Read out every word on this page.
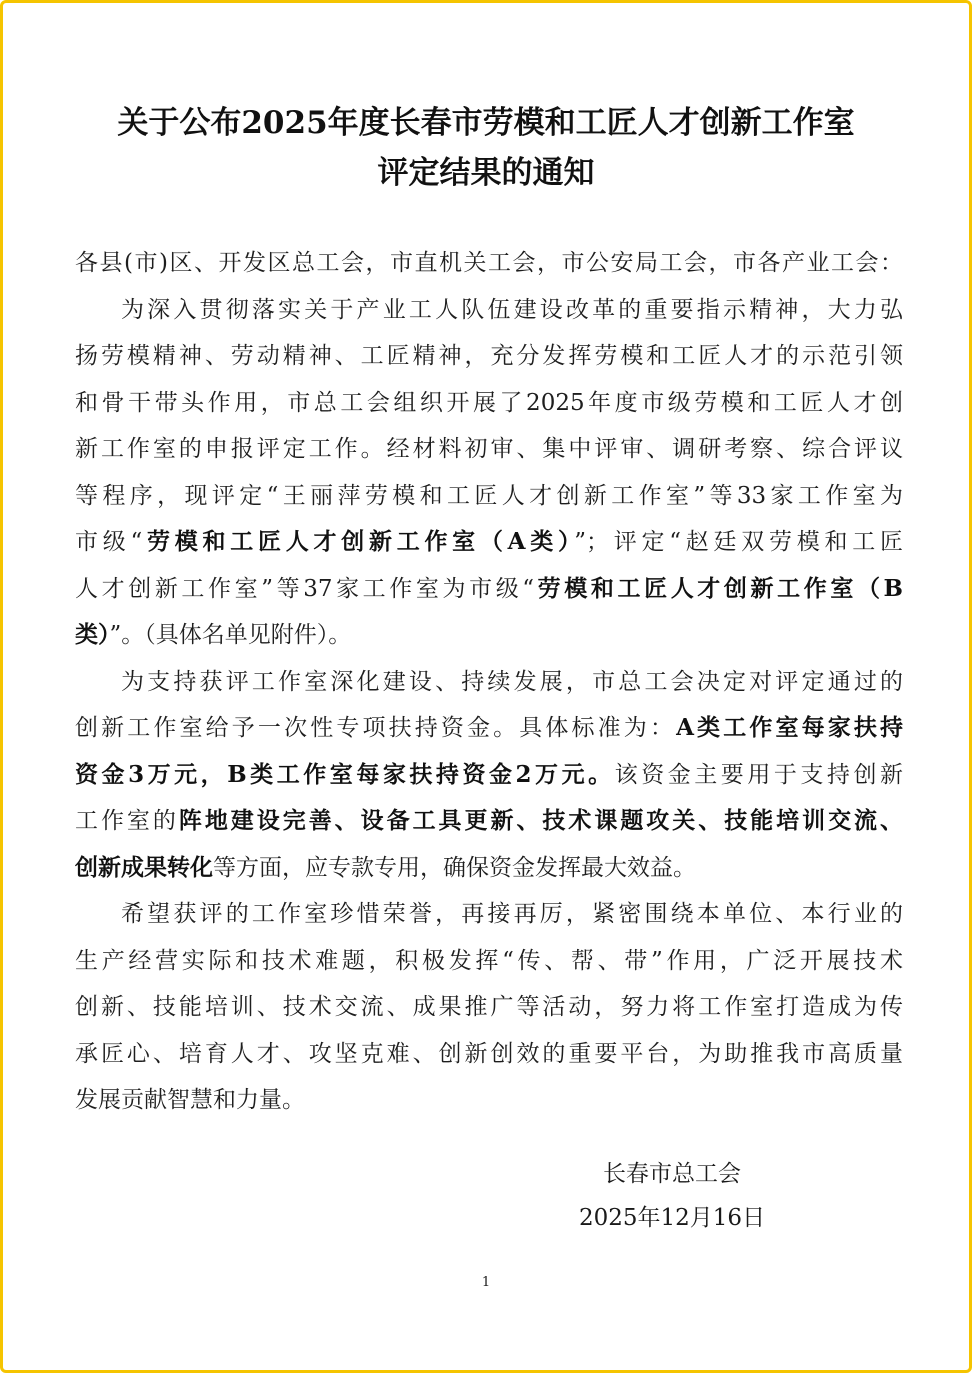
关于公布2025年度长春市劳模和工匠人才创新工作室
评定结果的通知
各县(市)区、开发区总工会，市直机关工会，市公安局工会，市各产业工会：
为深入贯彻落实关于产业工人队伍建设改革的重要指示精神，大力弘
扬劳模精神、劳动精神、工匠精神，充分发挥劳模和工匠人才的示范引领
和骨干带头作用，市总工会组织开展了2025年度市级劳模和工匠人才创
新工作室的申报评定工作。经材料初审、集中评审、调研考察、综合评议
等程序，现评定“王丽萍劳模和工匠人才创新工作室”等33家工作室为
市级“劳模和工匠人才创新工作室（A类）”；评定“赵廷双劳模和工匠
人才创新工作室”等37家工作室为市级“劳模和工匠人才创新工作室（B
类）”。（具体名单见附件）。
为支持获评工作室深化建设、持续发展，市总工会决定对评定通过的
创新工作室给予一次性专项扶持资金。具体标准为：A类工作室每家扶持
资金3万元，B类工作室每家扶持资金2万元。该资金主要用于支持创新
工作室的阵地建设完善、设备工具更新、技术课题攻关、技能培训交流、
创新成果转化等方面，应专款专用，确保资金发挥最大效益。
希望获评的工作室珍惜荣誉，再接再厉，紧密围绕本单位、本行业的
生产经营实际和技术难题，积极发挥“传、帮、带”作用，广泛开展技术
创新、技能培训、技术交流、成果推广等活动，努力将工作室打造成为传
承匠心、培育人才、攻坚克难、创新创效的重要平台，为助推我市高质量
发展贡献智慧和力量。
长春市总工会
2025年12月16日
1
